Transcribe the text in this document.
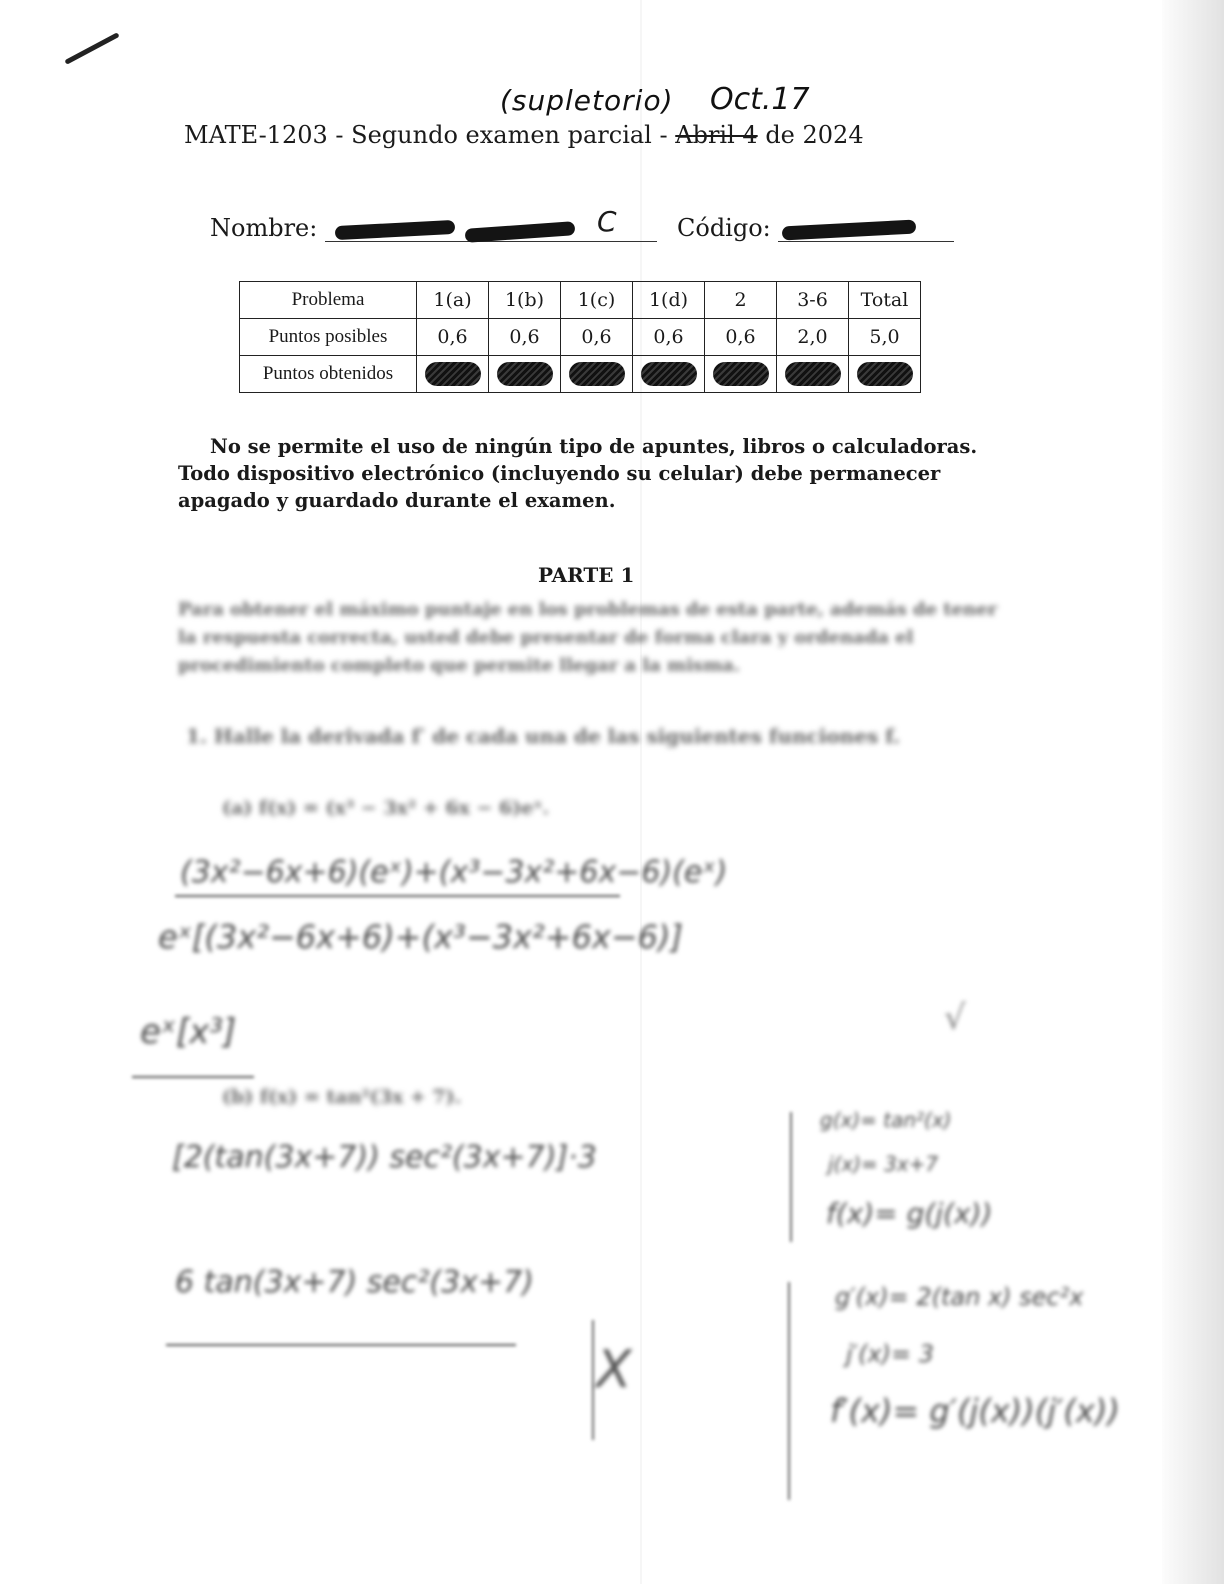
(supletorio) Oct.17
MATE-1203 - Segundo examen parcial - Abril 4 de 2024
Nombre:	C	Código:
Problema	1(a)	1(b)	1(c)	1(d)	2	3-6	Total
Puntos posibles	0,6	0,6	0,6	0,6	0,6	2,0	5,0
Puntos obtenidos							
No se permite el uso de ningún tipo de apuntes, libros o calculadoras. Todo dispositivo electrónico (incluyendo su celular) debe permanecer apagado y guardado durante el examen.
PARTE 1
Para obtener el máximo puntaje en los problemas de esta parte, además de tener la respuesta correcta, usted debe presentar de forma clara y ordenada el procedimiento completo que permite llegar a la misma.
1. Halle la derivada f′ de cada una de las siguientes funciones f.
(a) f(x) = (x³ − 3x² + 6x − 6)eˣ.
(b) f(x) = tan²(3x + 7).
(3x²−6x+6)(eˣ)+(x³−3x²+6x−6)(eˣ)
eˣ[(3x²−6x+6)+(x³−3x²+6x−6)]
eˣ[x³]	√
[2(tan(3x+7)) sec²(3x+7)]·3
6 tan(3x+7) sec²(3x+7)
X
g(x)= tan²(x)
j(x)= 3x+7
f(x)= g(j(x))
g′(x)= 2(tan x) sec²x
j′(x)= 3
f′(x)= g′(j(x))(j′(x))
